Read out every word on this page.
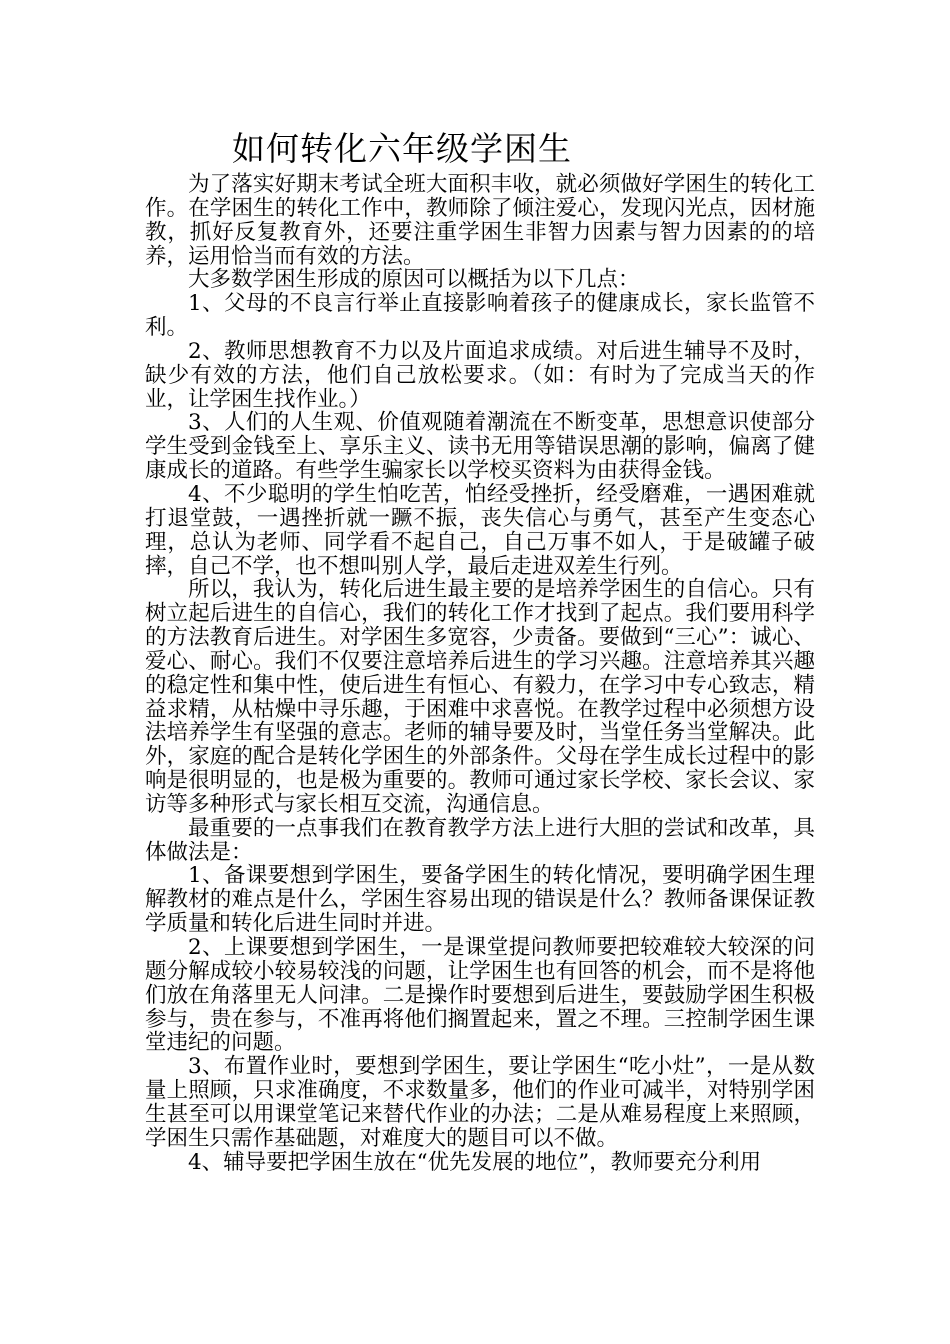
如何转化六年级学困生

为了落实好期末考试全班大面积丰收，就必须做好学困生的转化工作。在学困生的转化工作中，教师除了倾注爱心，发现闪光点，因材施教，抓好反复教育外，还要注重学困生非智力因素与智力因素的的培养，运用恰当而有效的方法。

大多数学困生形成的原因可以概括为以下几点：

1、父母的不良言行举止直接影响着孩子的健康成长，家长监管不利。

2、教师思想教育不力以及片面追求成绩。对后进生辅导不及时，缺少有效的方法，他们自己放松要求。（如：有时为了完成当天的作业，让学困生找作业。）

3、人们的人生观、价值观随着潮流在不断变革，思想意识使部分学生受到金钱至上、享乐主义、读书无用等错误思潮的影响，偏离了健康成长的道路。有些学生骗家长以学校买资料为由获得金钱。

4、不少聪明的学生怕吃苦，怕经受挫折，经受磨难，一遇困难就打退堂鼓，一遇挫折就一蹶不振，丧失信心与勇气，甚至产生变态心理，总认为老师、同学看不起自己，自己万事不如人，于是破罐子破摔，自己不学，也不想叫别人学，最后走进双差生行列。

所以，我认为，转化后进生最主要的是培养学困生的自信心。只有树立起后进生的自信心，我们的转化工作才找到了起点。我们要用科学的方法教育后进生。对学困生多宽容，少责备。要做到“三心”：诚心、爱心、耐心。我们不仅要注意培养后进生的学习兴趣。注意培养其兴趣的稳定性和集中性，使后进生有恒心、有毅力，在学习中专心致志，精益求精，从枯燥中寻乐趣，于困难中求喜悦。在教学过程中必须想方设法培养学生有坚强的意志。老师的辅导要及时，当堂任务当堂解决。此外，家庭的配合是转化学困生的外部条件。父母在学生成长过程中的影响是很明显的，也是极为重要的。教师可通过家长学校、家长会议、家访等多种形式与家长相互交流，沟通信息。

最重要的一点事我们在教育教学方法上进行大胆的尝试和改革，具体做法是：

1、备课要想到学困生，要备学困生的转化情况，要明确学困生理解教材的难点是什么，学困生容易出现的错误是什么？教师备课保证教学质量和转化后进生同时并进。

2、上课要想到学困生，一是课堂提问教师要把较难较大较深的问题分解成较小较易较浅的问题，让学困生也有回答的机会，而不是将他们放在角落里无人问津。二是操作时要想到后进生，要鼓励学困生积极参与，贵在参与，不准再将他们搁置起来，置之不理。三控制学困生课堂违纪的问题。

3、布置作业时，要想到学困生，要让学困生“吃小灶”，一是从数量上照顾，只求准确度，不求数量多，他们的作业可减半，对特别学困生甚至可以用课堂笔记来替代作业的办法；二是从难易程度上来照顾，学困生只需作基础题，对难度大的题目可以不做。

4、辅导要把学困生放在“优先发展的地位”，教师要充分利用
